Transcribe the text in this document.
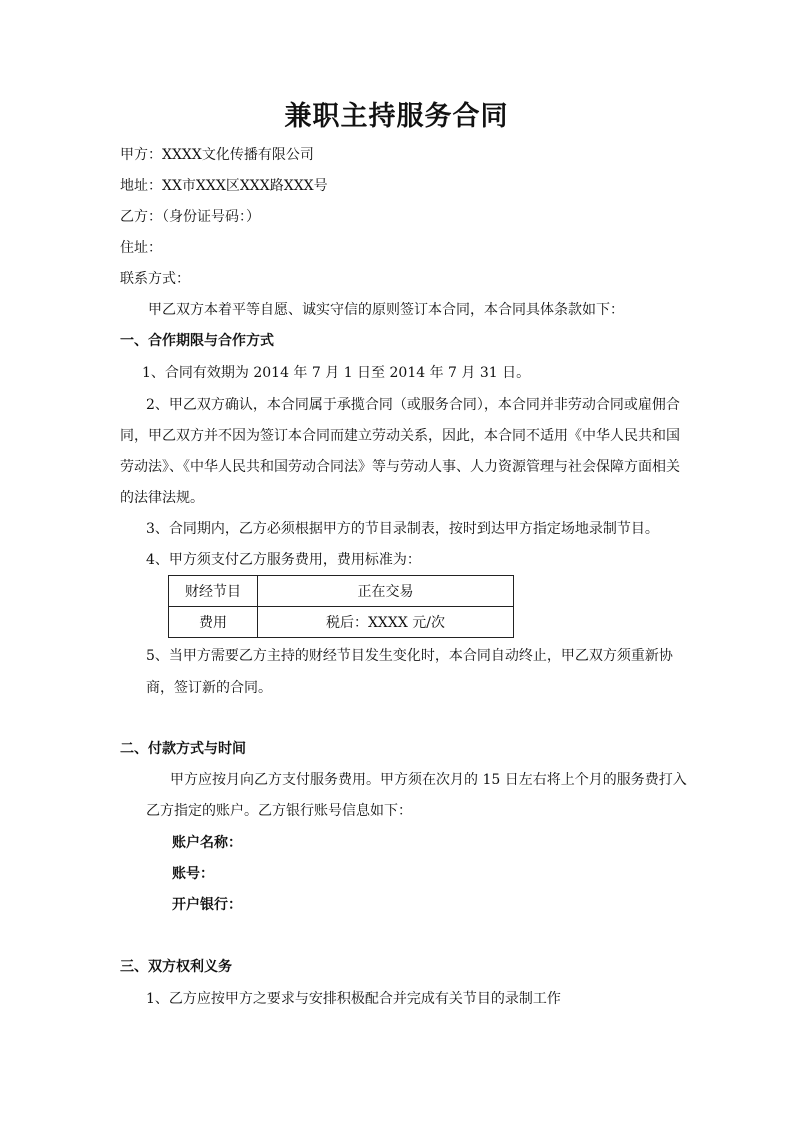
兼职主持服务合同
甲方：XXXX文化传播有限公司
地址：XX市XXX区XXX路XXX号
乙方：（身份证号码：）
住址：
联系方式：
甲乙双方本着平等自愿、诚实守信的原则签订本合同，本合同具体条款如下：
一、合作期限与合作方式
1、合同有效期为 2014 年 7 月 1 日至 2014 年 7 月 31 日。
2、甲乙双方确认，本合同属于承揽合同（或服务合同），本合同并非劳动合同或雇佣合
同，甲乙双方并不因为签订本合同而建立劳动关系，因此，本合同不适用《中华人民共和国
劳动法》、《中华人民共和国劳动合同法》等与劳动人事、人力资源管理与社会保障方面相关
的法律法规。
3、合同期内，乙方必须根据甲方的节目录制表，按时到达甲方指定场地录制节目。
4、甲方须支付乙方服务费用，费用标准为：
财经节目	正在交易
费用	税后：XXXX 元/次
5、当甲方需要乙方主持的财经节目发生变化时，本合同自动终止，甲乙双方须重新协
商，签订新的合同。
二、付款方式与时间
甲方应按月向乙方支付服务费用。甲方须在次月的 15 日左右将上个月的服务费打入
乙方指定的账户。乙方银行账号信息如下：
账户名称：
账号：
开户银行：
三、双方权利义务
1、乙方应按甲方之要求与安排积极配合并完成有关节目的录制工作
